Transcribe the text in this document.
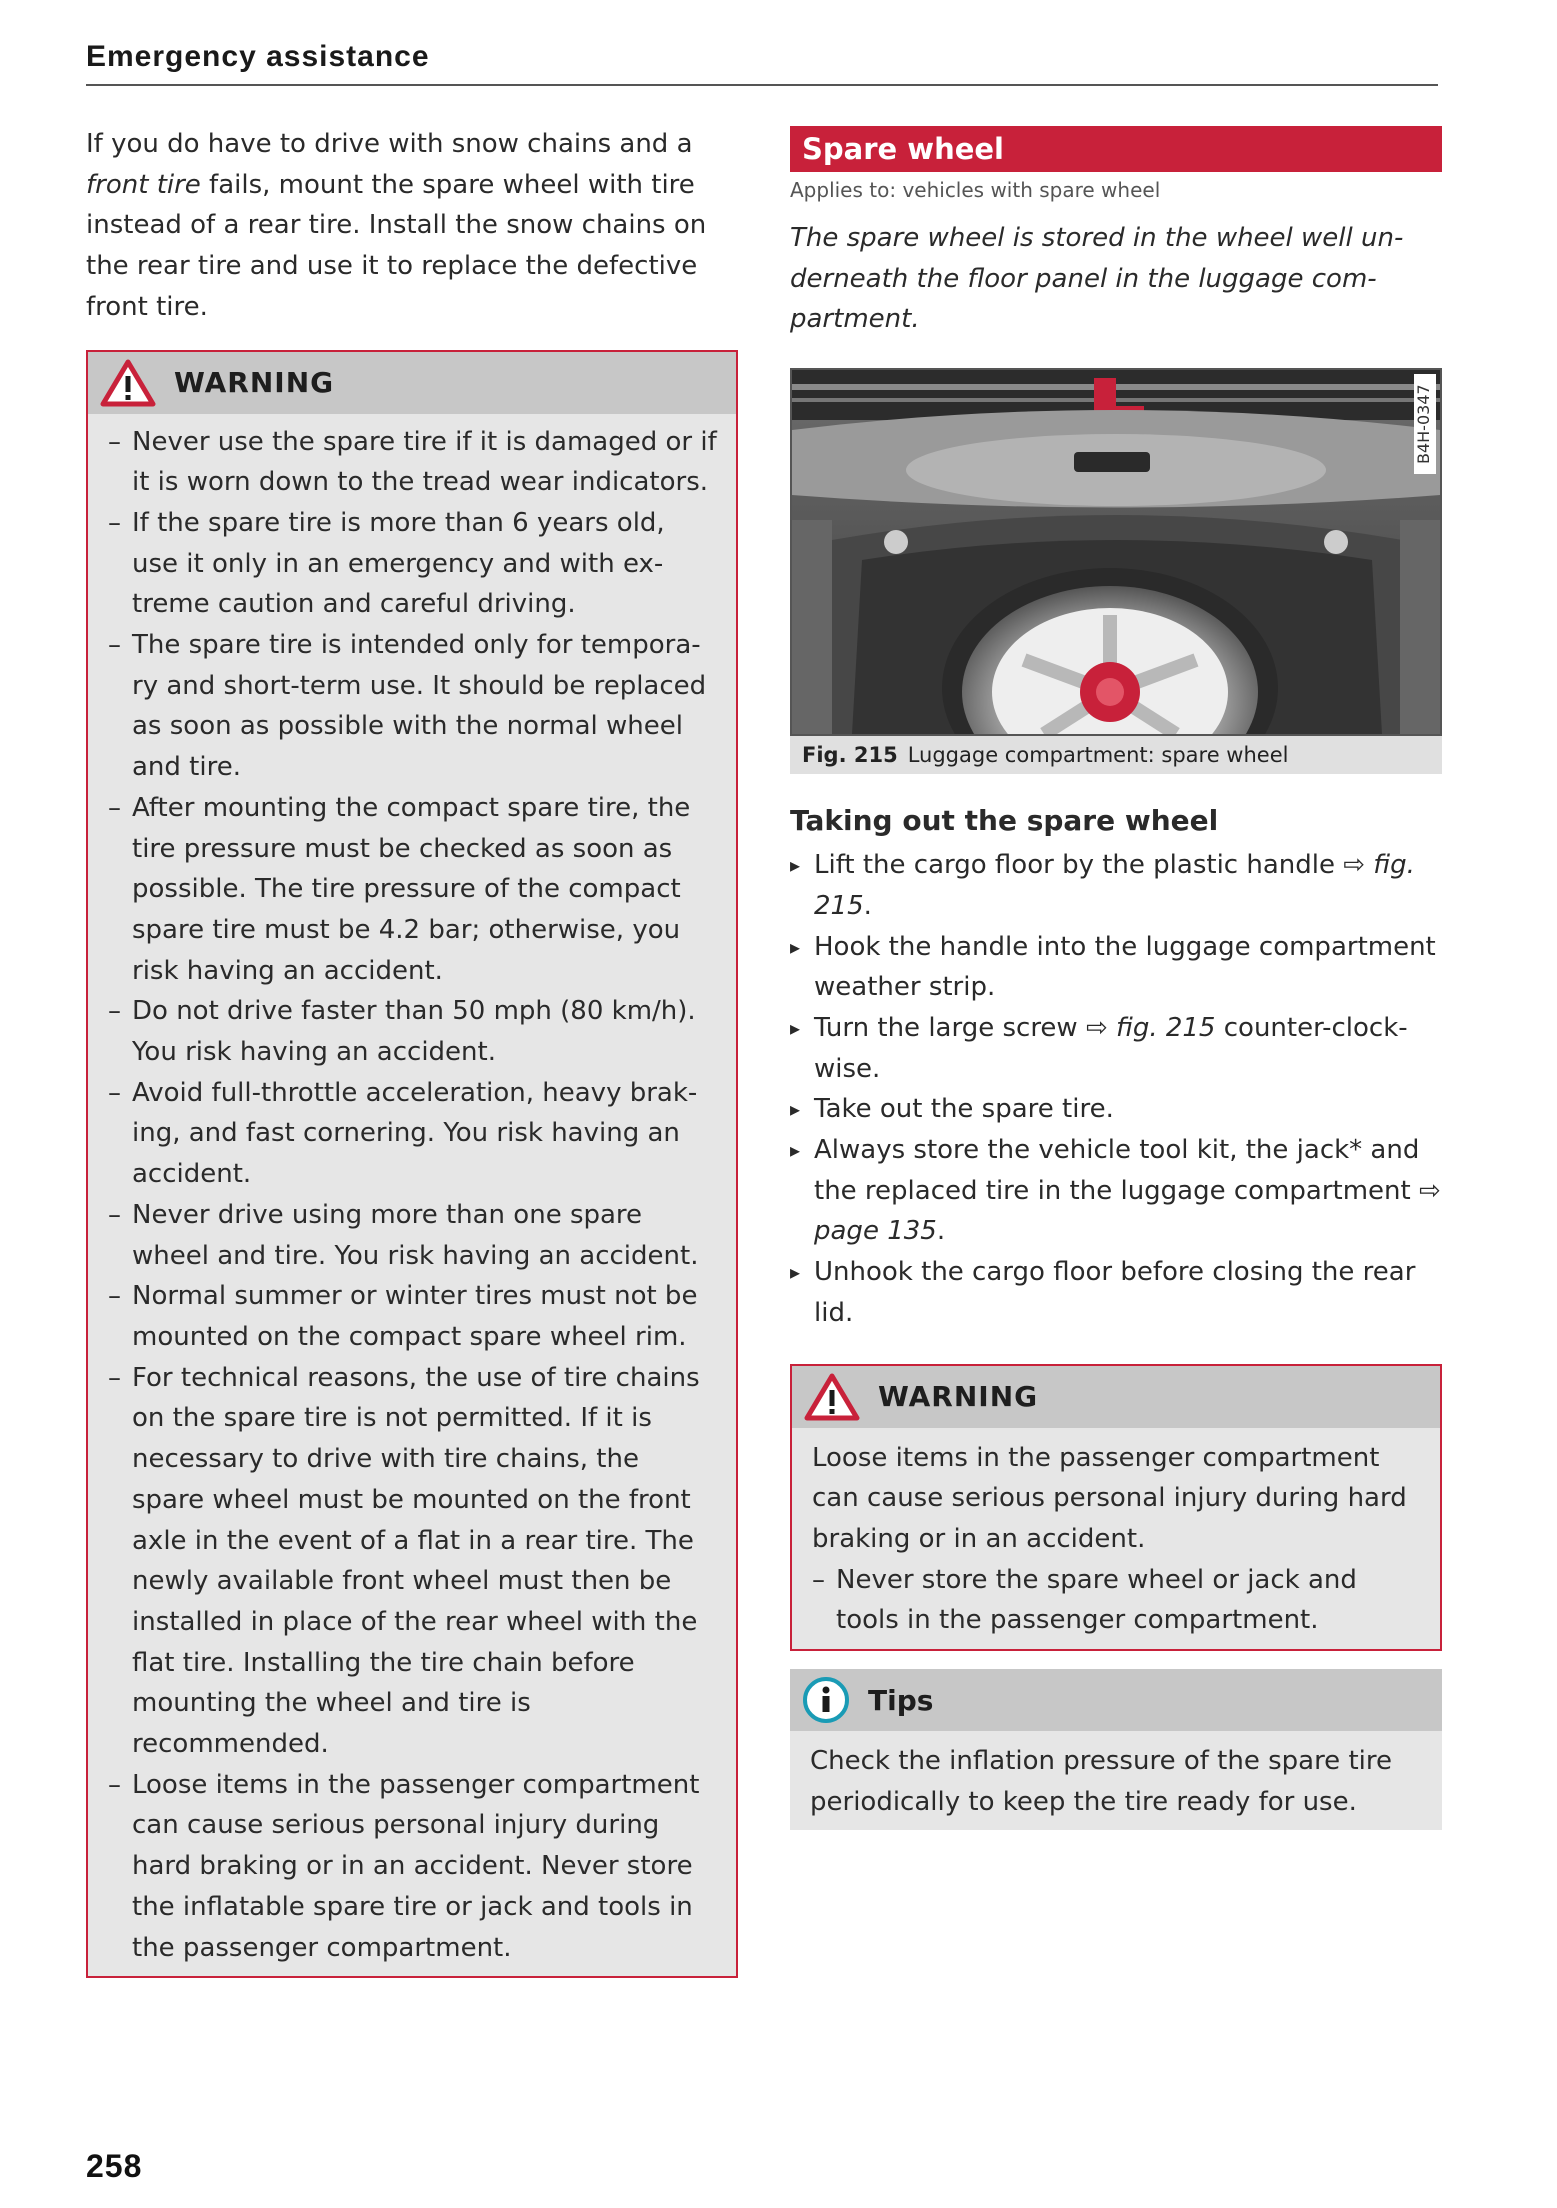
Emergency assistance

If you do have to drive with snow chains and a front tire fails, mount the spare wheel with tire instead of a rear tire. Install the snow chains on the rear tire and use it to replace the defective front tire.

WARNING
– Never use the spare tire if it is damaged or if it is worn down to the tread wear indicators.
– If the spare tire is more than 6 years old, use it only in an emergency and with ex-treme caution and careful driving.
– The spare tire is intended only for tempora-ry and short-term use. It should be replaced as soon as possible with the normal wheel and tire.
– After mounting the compact spare tire, the tire pressure must be checked as soon as possible. The tire pressure of the compact spare tire must be 4.2 bar; otherwise, you risk having an accident.
– Do not drive faster than 50 mph (80 km/h). You risk having an accident.
– Avoid full-throttle acceleration, heavy brak-ing, and fast cornering. You risk having an accident.
– Never drive using more than one spare wheel and tire. You risk having an accident.
– Normal summer or winter tires must not be mounted on the compact spare wheel rim.
– For technical reasons, the use of tire chains on the spare tire is not permitted. If it is necessary to drive with tire chains, the spare wheel must be mounted on the front axle in the event of a flat in a rear tire. The newly available front wheel must then be installed in place of the rear wheel with the flat tire. Installing the tire chain before mounting the wheel and tire is recommended.
– Loose items in the passenger compartment can cause serious personal injury during hard braking or in an accident. Never store the inflatable spare tire or jack and tools in the passenger compartment.
Spare wheel
Applies to: vehicles with spare wheel
The spare wheel is stored in the wheel well un-derneath the floor panel in the luggage com-partment.
B4H-0347
Fig. 215 Luggage compartment: spare wheel
Taking out the spare wheel
▸ Lift the cargo floor by the plastic handle ⇨ fig. 215.
▸ Hook the handle into the luggage compartment weather strip.
▸ Turn the large screw ⇨ fig. 215 counter-clock-wise.
▸ Take out the spare tire.
▸ Always store the vehicle tool kit, the jack* and the replaced tire in the luggage compartment ⇨ page 135.
▸ Unhook the cargo floor before closing the rear lid.
WARNING

Loose items in the passenger compartment can cause serious personal injury during hard braking or in an accident.

– Never store the spare wheel or jack and tools in the passenger compartment.
Tips

Check the inflation pressure of the spare tire periodically to keep the tire ready for use.

258
